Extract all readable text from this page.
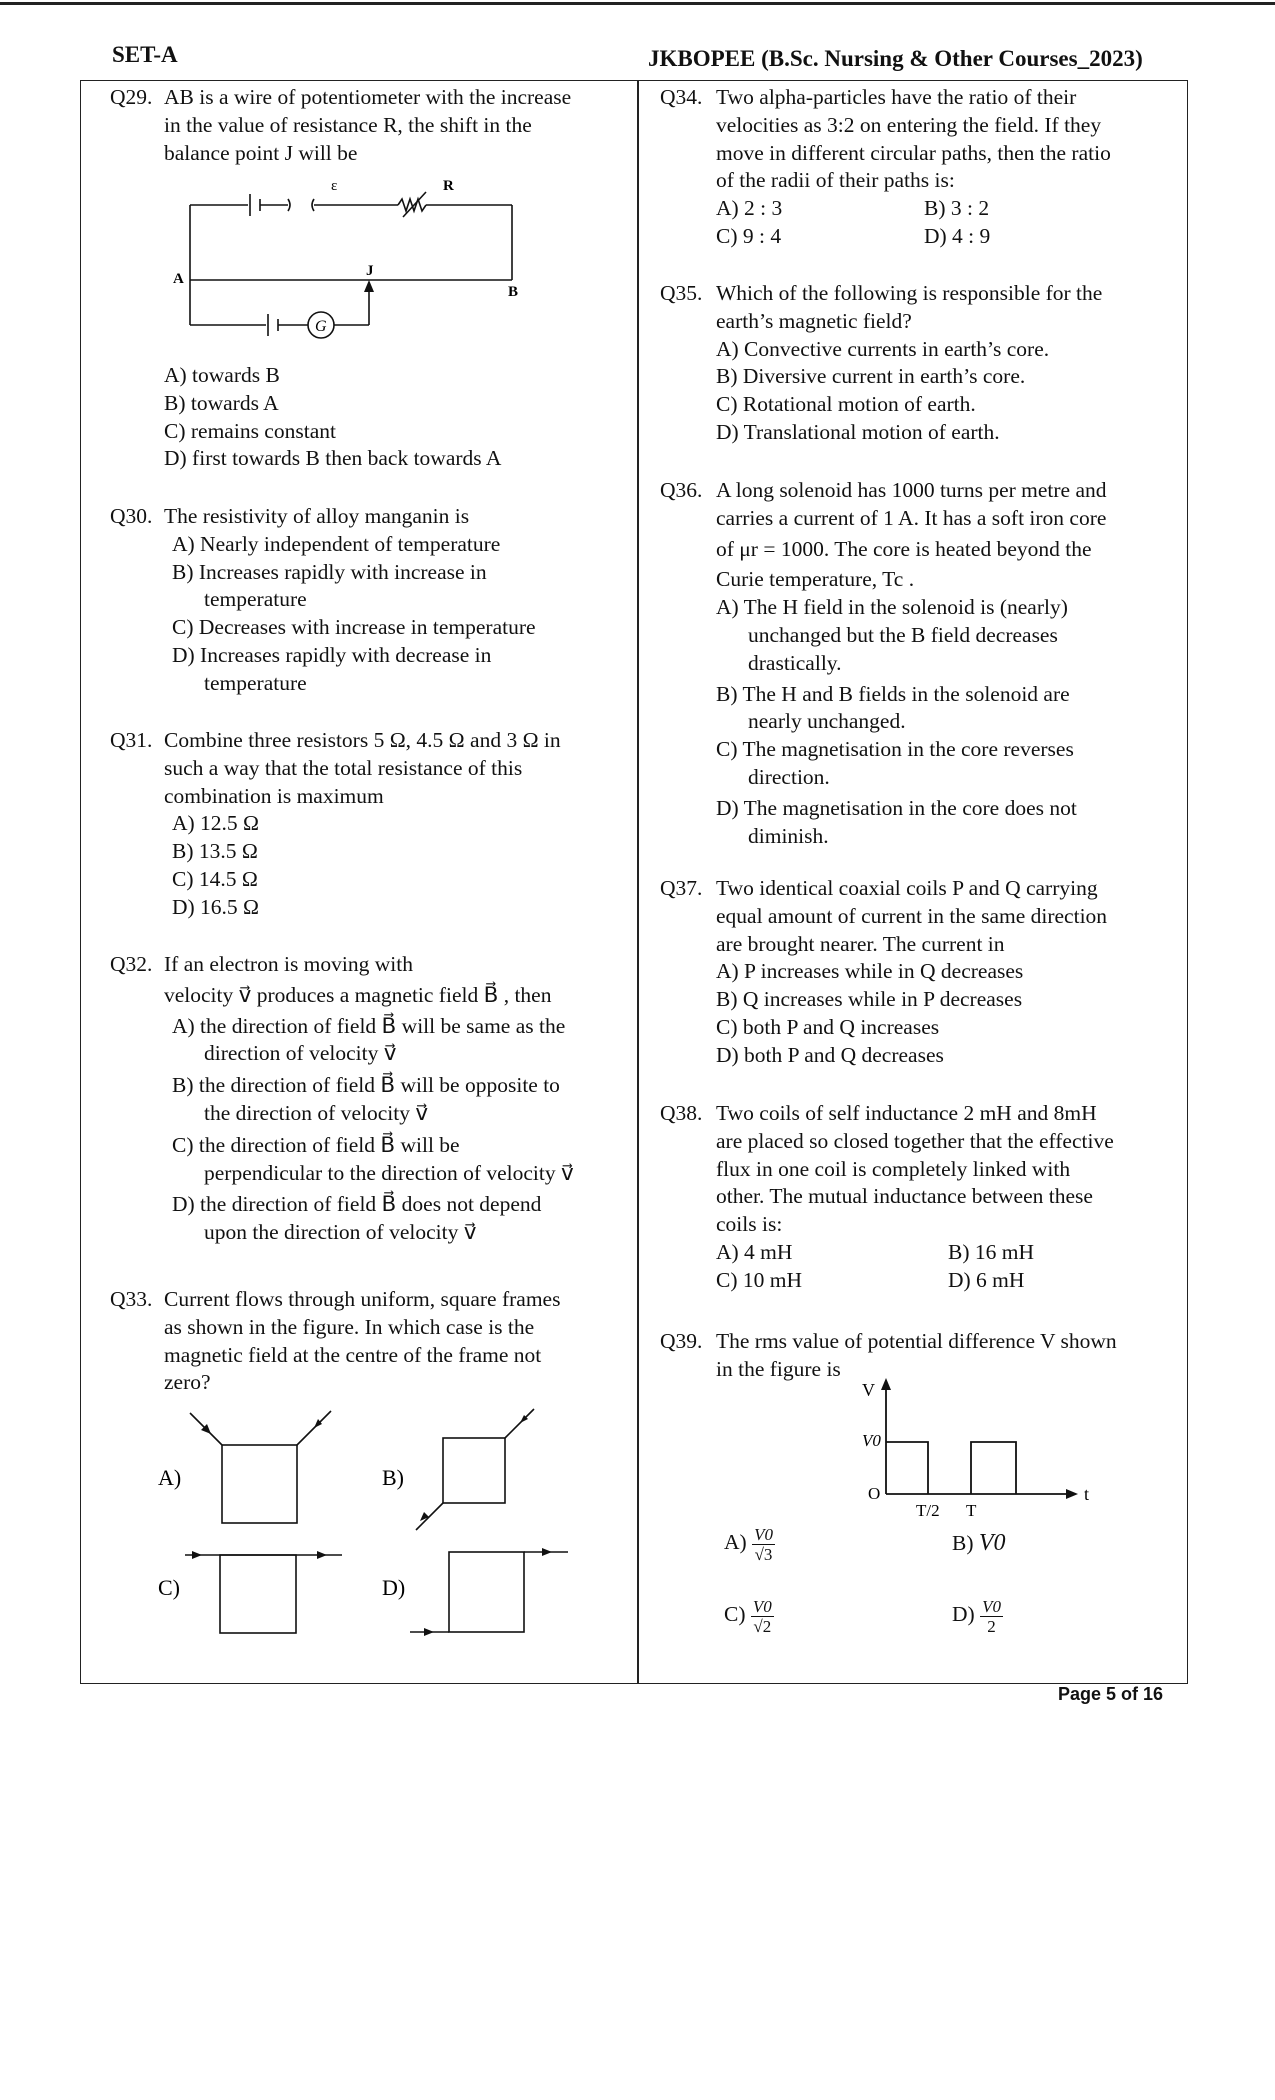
SET-A	JKBOPEE (B.Sc. Nursing & Other Courses_2023)
Q29. AB is a wire of potentiometer with the increase
in the value of resistance R, the shift in the
balance point J will be
ε	R
A
B
J
G
A) towards B
B) towards A
C) remains constant
D) first towards B then back towards A
Q30. The resistivity of alloy manganin is
A) Nearly independent of temperature
B) Increases rapidly with increase in
temperature
C) Decreases with increase in temperature
D) Increases rapidly with decrease in
temperature
Q31. Combine three resistors 5 Ω, 4.5 Ω and 3 Ω in
such a way that the total resistance of this
combination is maximum
A) 12.5 Ω
B) 13.5 Ω
C) 14.5 Ω
D) 16.5 Ω
Q32. If an electron is moving with
velocity v⃗ produces a magnetic field B⃗ , then
A) the direction of field B⃗ will be same as the
direction of velocity v⃗
B) the direction of field B⃗ will be opposite to
the direction of velocity v⃗
C) the direction of field B⃗ will be
perpendicular to the direction of velocity v⃗
D) the direction of field B⃗ does not depend
upon the direction of velocity v⃗
Q33. Current flows through uniform, square frames
as shown in the figure. In which case is the
magnetic field at the centre of the frame not
zero?
A)	B)
C)	D)
Q34. Two alpha-particles have the ratio of their
velocities as 3:2 on entering the field. If they
move in different circular paths, then the ratio
of the radii of their paths is:
A) 2 : 3	B) 3 : 2
C) 9 : 4	D) 4 : 9
Q35. Which of the following is responsible for the
earth’s magnetic field?
A) Convective currents in earth’s core.
B) Diversive current in earth’s core.
C) Rotational motion of earth.
D) Translational motion of earth.
Q36. A long solenoid has 1000 turns per metre and
carries a current of 1 A. It has a soft iron core
of μr = 1000. The core is heated beyond the
Curie temperature, Tc .
A) The H field in the solenoid is (nearly)
unchanged but the B field decreases
drastically.
B) The H and B fields in the solenoid are
nearly unchanged.
C) The magnetisation in the core reverses
direction.
D) The magnetisation in the core does not
diminish.
Q37. Two identical coaxial coils P and Q carrying
equal amount of current in the same direction
are brought nearer. The current in
A) P increases while in Q decreases
B) Q increases while in P decreases
C) both P and Q increases
D) both P and Q decreases
Q38. Two coils of self inductance 2 mH and 8mH
are placed so closed together that the effective
flux in one coil is completely linked with
other. The mutual inductance between these
coils is:
A) 4 mH	B) 16 mH
C) 10 mH	D) 6 mH
Q39. The rms value of potential difference V shown
in the figure is
V
V0
O
T/2 T
t
$A) \frac{V0}{√3}$	B) V0
$C) \frac{V0}{√2}$	$D) \frac{V0}{2}$
Page 5 of 16
